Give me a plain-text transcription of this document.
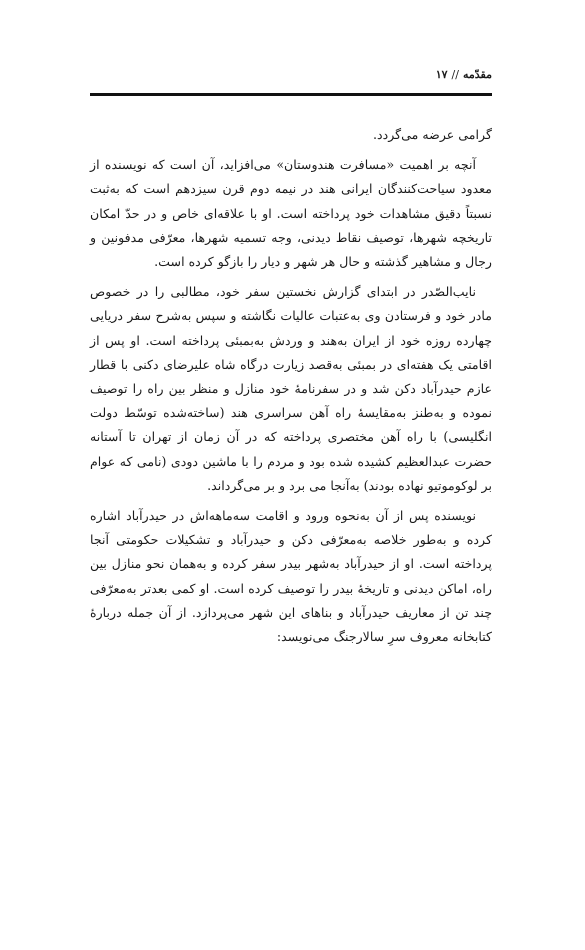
مقدّمه//۱۷

گرامی عرضه می‌گردد.

آنچه بر اهمیت «مسافرت هندوستان» می‌افزاید، آن است که نویسنده از معدود سیاحت‌کنندگان ایرانی هند در نیمه دوم قرن سیزدهم است که به‌ثبت نسبتاً دقیق مشاهدات خود پرداخته است. او با علاقه‌ای خاص و در حدّ امکان تاریخچه شهرها، توصیف نقاط دیدنی، وجه تسمیه شهرها، معرّفی مدفونین و رجال و مشاهیر گذشته و حال هر شهر و دیار را بازگو کرده است.

نایب‌الصّدر در ابتدای گزارش نخستین سفر خود، مطالبی را در خصوص مادر خود و فرستادن وی به‌عتبات عالیات نگاشته و سپس به‌شرح سفر دریایی چهارده روزه خود از ایران به‌هند و وردش به‌بمبئی پرداخته است. او پس از اقامتی یک هفته‌ای در بمبئی به‌قصد زیارت درگاه شاه علیرضای دکنی با قطار عازم حیدرآباد دکن شد و در سفرنامهٔ خود منازل و منظر بین راه را توصیف نموده و به‌طنز به‌مقایسهٔ راه آهن سراسری هند (ساخته‌شده توسّط دولت انگلیسی) با راه آهن مختصری پرداخته که در آن زمان از تهران تا آستانه حضرت عبدالعظیم کشیده شده بود و مردم را با ماشین دودی (نامی که عوام بر لوکوموتیو نهاده بودند) به‌آنجا می برد و بر می‌گرداند.

نویسنده پس از آن به‌نحوه ورود و اقامت سه‌ماهه‌اش در حیدرآباد اشاره کرده و به‌طور خلاصه به‌معرّفی دکن و حیدرآباد و تشکیلات حکومتی آنجا پرداخته است. او از حیدرآباد به‌شهر بیدر سفر کرده و به‌همان نحو منازل بین راه، اماکن دیدنی و تاریخهٔ بیدر را توصیف کرده است. او کمی بعدتر به‌معرّفی چند تن از معاریف حیدرآباد و بناهای این شهر می‌پردازد. از آن جمله دربارهٔ کتابخانه معروف سرِ سالارجنگ می‌نویسد:
